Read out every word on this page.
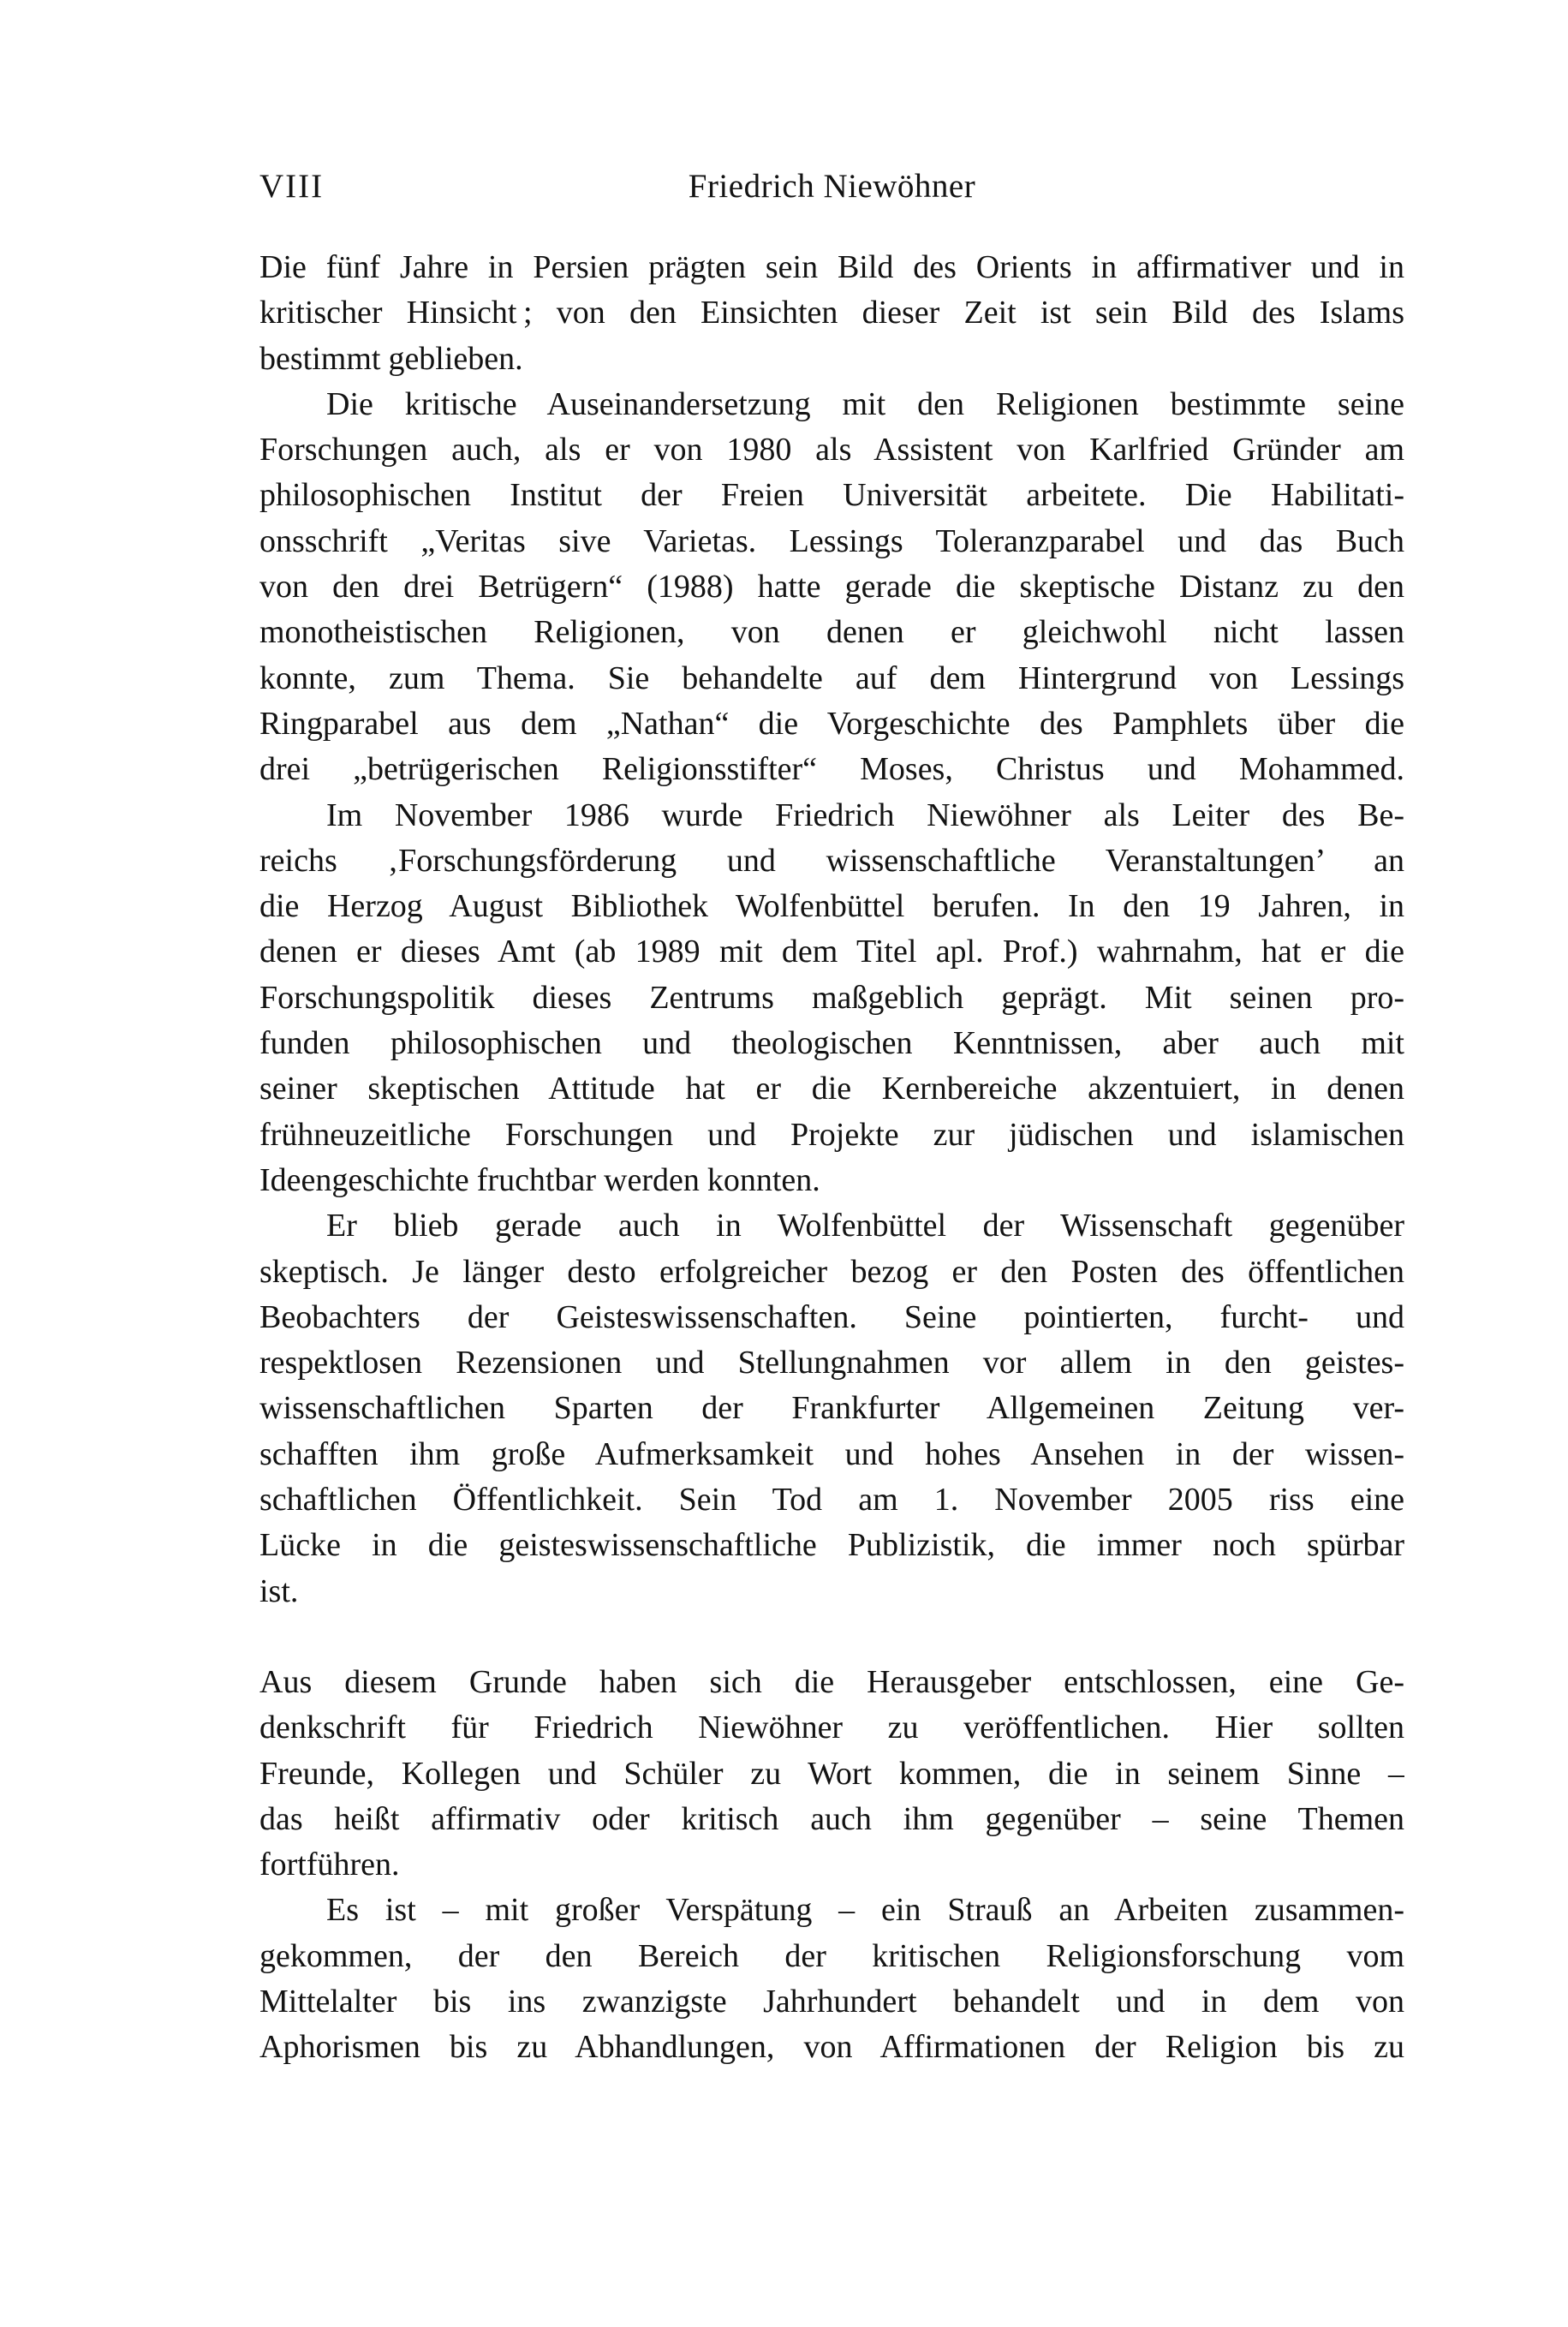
VIII	Friedrich Niewöhner
Die fünf Jahre in Persien prägten sein Bild des Orients in affirmativer und in
kritischer Hinsicht ; von den Einsichten dieser Zeit ist sein Bild des Islams
bestimmt geblieben.
Die kritische Auseinandersetzung mit den Religionen bestimmte seine
Forschungen auch, als er von 1980 als Assistent von Karlfried Gründer am
philosophischen Institut der Freien Universität arbeitete. Die Habilitati-
onsschrift „Veritas sive Varietas. Lessings Toleranzparabel und das Buch
von den drei Betrügern“ (1988) hatte gerade die skeptische Distanz zu den
monotheistischen Religionen, von denen er gleichwohl nicht lassen
konnte, zum Thema. Sie behandelte auf dem Hintergrund von Lessings
Ringparabel aus dem „Nathan“ die Vorgeschichte des Pamphlets über die
drei „betrügerischen Religionsstifter“ Moses, Christus und Mohammed.
Im November 1986 wurde Friedrich Niewöhner als Leiter des Be-
reichs ‚Forschungsförderung und wissenschaftliche Veranstaltungen’ an
die Herzog August Bibliothek Wolfenbüttel berufen. In den 19 Jahren, in
denen er dieses Amt (ab 1989 mit dem Titel apl. Prof.) wahrnahm, hat er die
Forschungspolitik dieses Zentrums maßgeblich geprägt. Mit seinen pro-
funden philosophischen und theologischen Kenntnissen, aber auch mit
seiner skeptischen Attitude hat er die Kernbereiche akzentuiert, in denen
frühneuzeitliche Forschungen und Projekte zur jüdischen und islamischen
Ideengeschichte fruchtbar werden konnten.
Er blieb gerade auch in Wolfenbüttel der Wissenschaft gegenüber
skeptisch. Je länger desto erfolgreicher bezog er den Posten des öffentlichen
Beobachters der Geisteswissenschaften. Seine pointierten, furcht- und
respektlosen Rezensionen und Stellungnahmen vor allem in den geistes-
wissenschaftlichen Sparten der Frankfurter Allgemeinen Zeitung ver-
schafften ihm große Aufmerksamkeit und hohes Ansehen in der wissen-
schaftlichen Öffentlichkeit. Sein Tod am 1. November 2005 riss eine
Lücke in die geisteswissenschaftliche Publizistik, die immer noch spürbar
ist.
Aus diesem Grunde haben sich die Herausgeber entschlossen, eine Ge-
denkschrift für Friedrich Niewöhner zu veröffentlichen. Hier sollten
Freunde, Kollegen und Schüler zu Wort kommen, die in seinem Sinne –
das heißt affirmativ oder kritisch auch ihm gegenüber – seine Themen
fortführen.
Es ist – mit großer Verspätung – ein Strauß an Arbeiten zusammen-
gekommen, der den Bereich der kritischen Religionsforschung vom
Mittelalter bis ins zwanzigste Jahrhundert behandelt und in dem von
Aphorismen bis zu Abhandlungen, von Affirmationen der Religion bis zu
